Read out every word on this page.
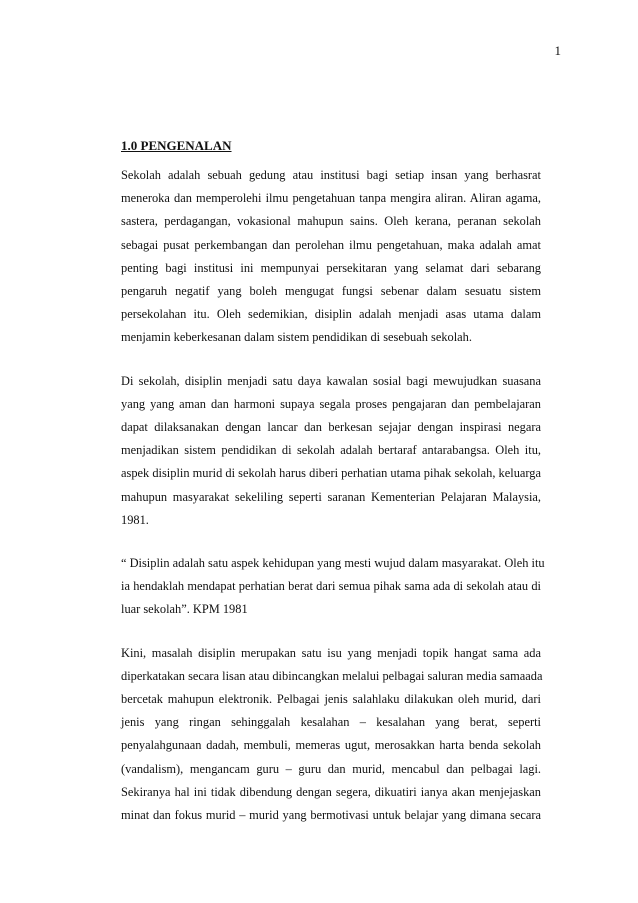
1
1.0 PENGENALAN
Sekolah adalah sebuah gedung atau institusi bagi setiap insan yang berhasrat
meneroka dan memperolehi ilmu pengetahuan tanpa mengira aliran. Aliran agama,
sastera, perdagangan, vokasional mahupun sains. Oleh kerana, peranan sekolah
sebagai pusat perkembangan dan perolehan ilmu pengetahuan, maka adalah amat
penting bagi institusi ini mempunyai persekitaran yang selamat dari sebarang
pengaruh negatif yang boleh mengugat fungsi sebenar dalam sesuatu sistem
persekolahan itu. Oleh sedemikian, disiplin adalah menjadi asas utama dalam
menjamin keberkesanan dalam sistem pendidikan di sesebuah sekolah.
Di sekolah, disiplin menjadi satu daya kawalan sosial bagi mewujudkan suasana
yang yang aman dan harmoni supaya segala proses pengajaran dan pembelajaran
dapat dilaksanakan dengan lancar dan berkesan sejajar dengan inspirasi negara
menjadikan sistem pendidikan di sekolah adalah bertaraf antarabangsa. Oleh itu,
aspek disiplin murid di sekolah harus diberi perhatian utama pihak sekolah, keluarga
mahupun masyarakat sekeliling seperti saranan Kementerian Pelajaran Malaysia,
1981.
“ Disiplin adalah satu aspek kehidupan yang mesti wujud dalam masyarakat. Oleh itu
ia hendaklah mendapat perhatian berat dari semua pihak sama ada di sekolah atau di
luar sekolah”. KPM 1981
Kini, masalah disiplin merupakan satu isu yang menjadi topik hangat sama ada
diperkatakan secara lisan atau dibincangkan melalui pelbagai saluran media samaada
bercetak mahupun elektronik. Pelbagai jenis salahlaku dilakukan oleh murid, dari
jenis yang ringan sehinggalah kesalahan – kesalahan yang berat, seperti
penyalahgunaan dadah, membuli, memeras ugut, merosakkan harta benda sekolah
(vandalism), mengancam guru – guru dan murid, mencabul dan pelbagai lagi.
Sekiranya hal ini tidak dibendung dengan segera, dikuatiri ianya akan menjejaskan
minat dan fokus murid – murid yang bermotivasi untuk belajar yang dimana secara
